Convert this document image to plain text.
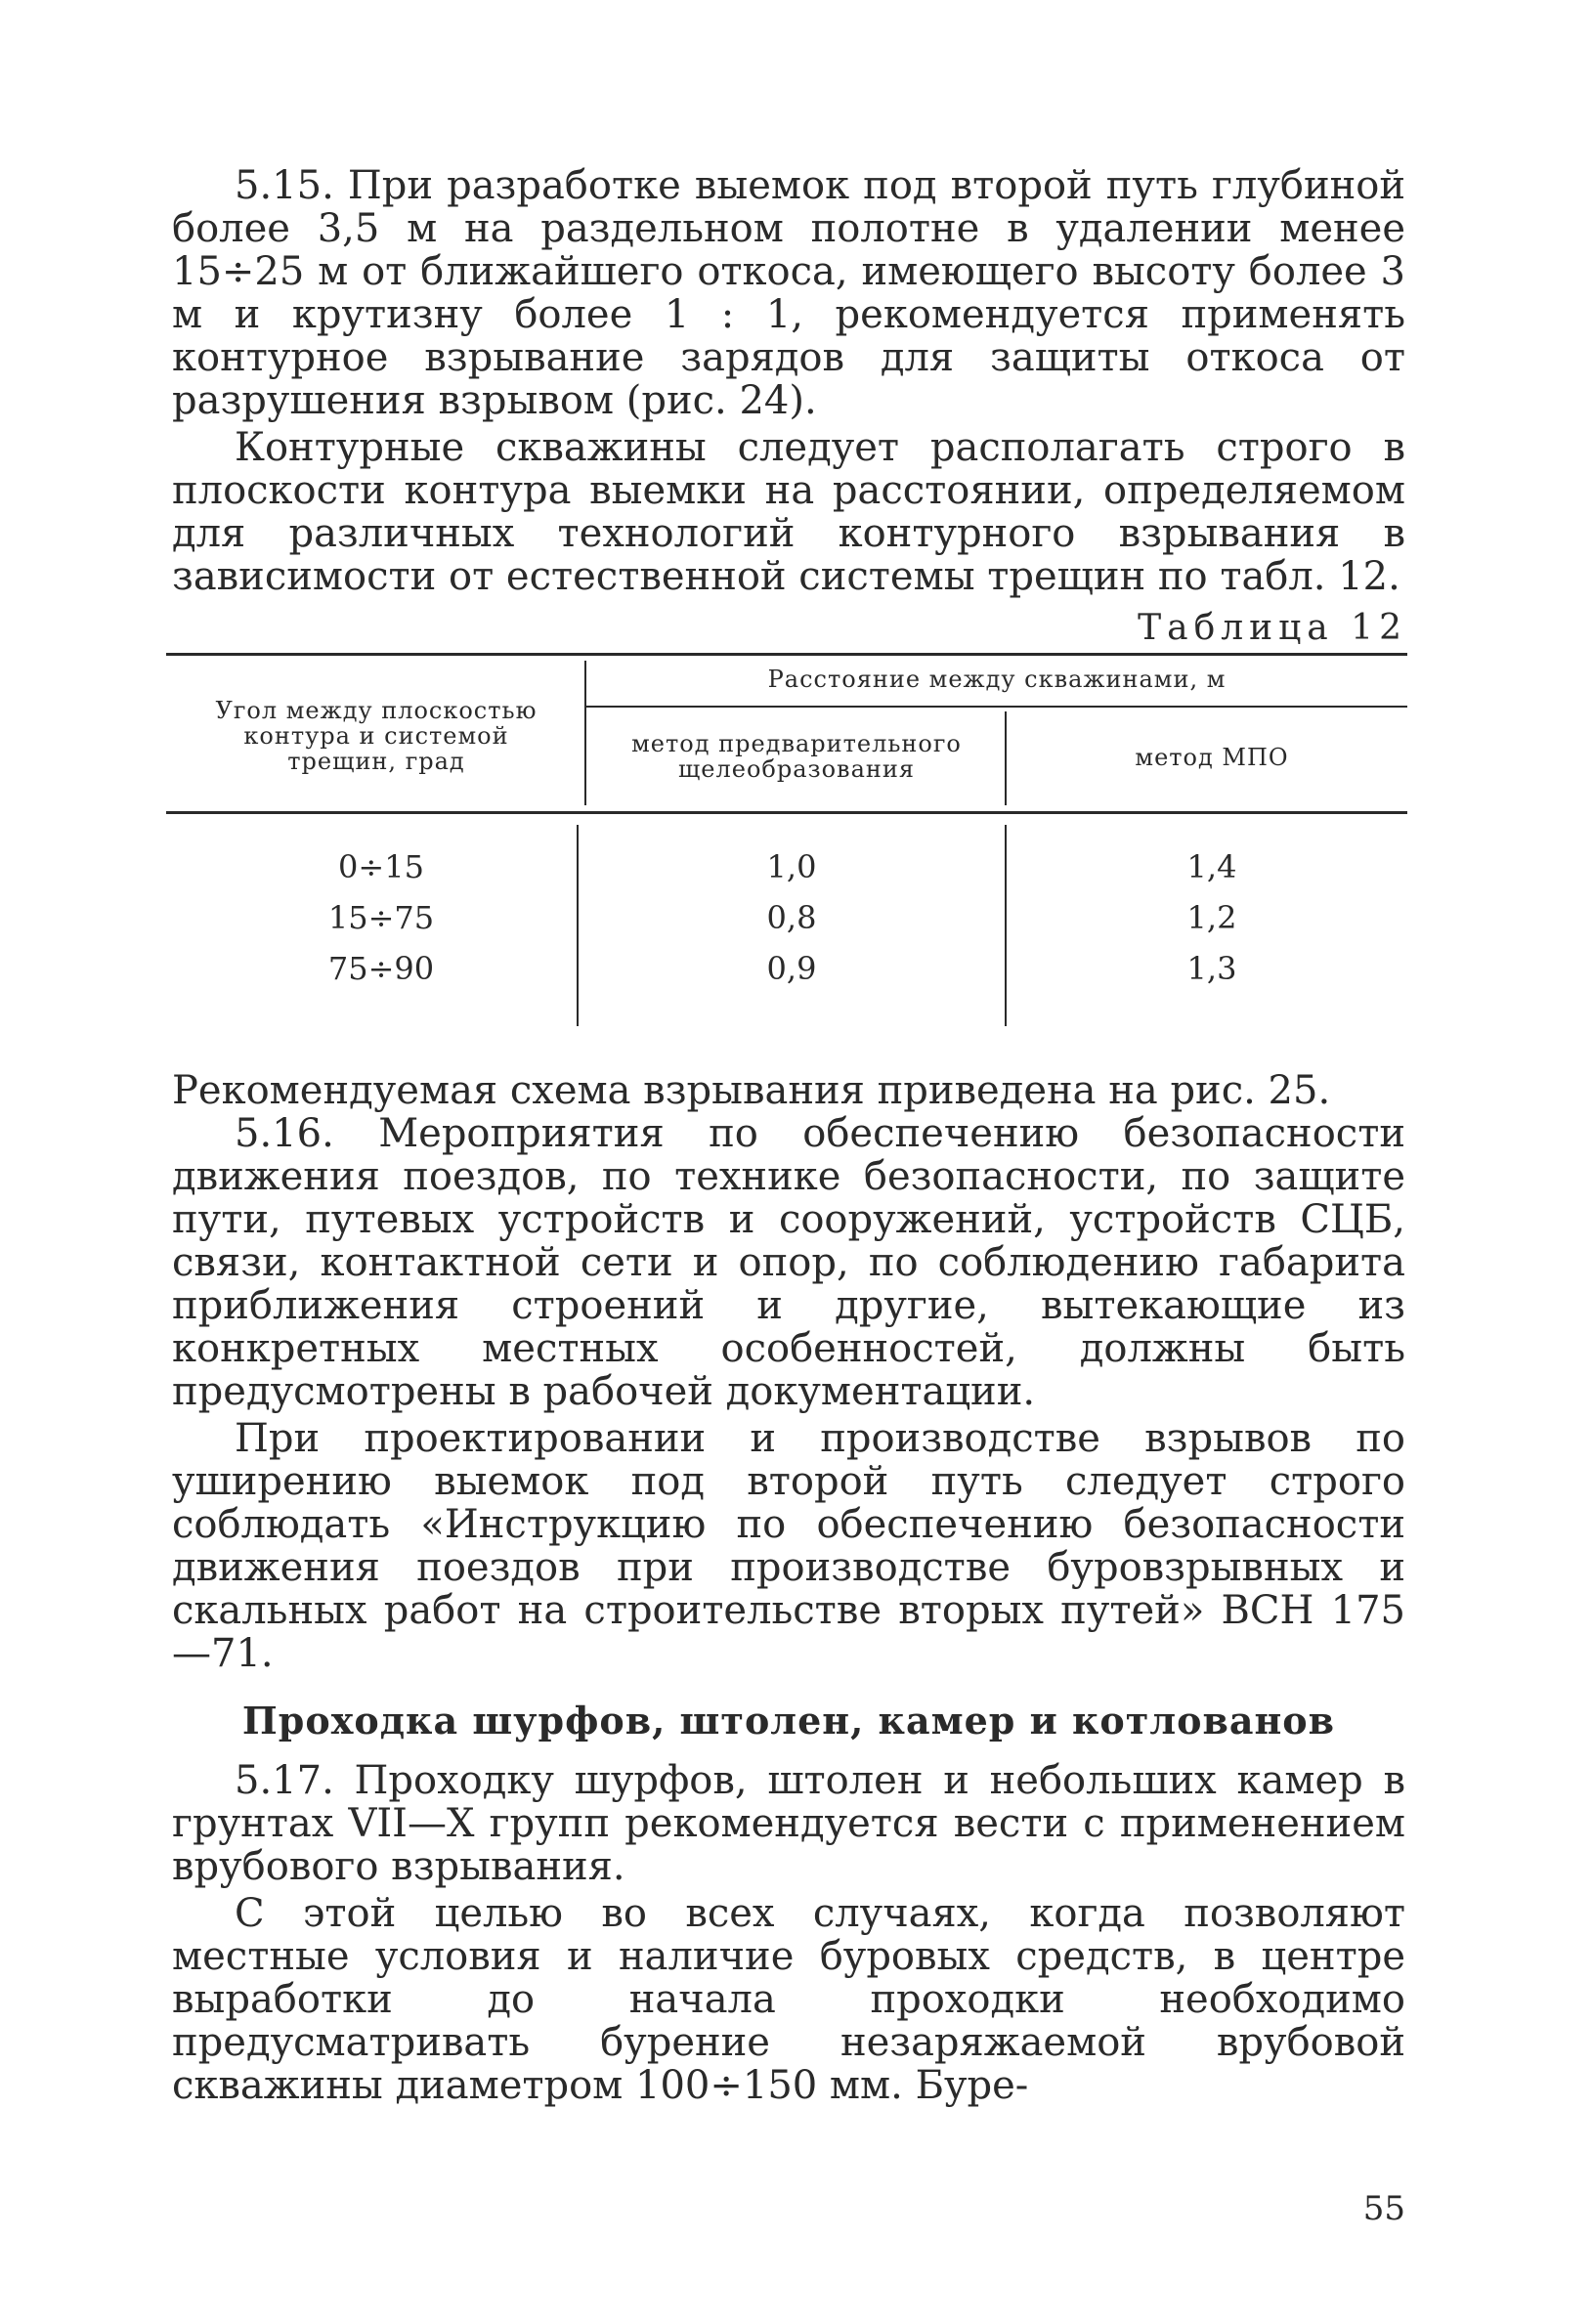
5.15. При разработке выемок под второй путь глубиной более 3,5 м на раздельном полотне в удалении менее 15÷25 м от ближайшего откоса, имеющего высоту более 3 м и крутизну более 1 : 1, рекомендуется применять контурное взрывание зарядов для защиты откоса от разрушения взрывом (рис. 24).

Контурные скважины следует располагать строго в плоскости контура выемки на расстоянии, определяемом для различных технологий контурного взрывания в зависимости от естественной системы трещин по табл. 12.

Таблица 12
Угол между плоскостью контура и системой трещин, град
Расстояние между скважинами, м
метод предварительного щелеобразования	метод МПО
0÷15	1,0	1,4
15÷75	0,8	1,2
75÷90	0,9	1,3

Рекомендуемая схема взрывания приведена на рис. 25.

5.16. Мероприятия по обеспечению безопасности движения поездов, по технике безопасности, по защите пути, путевых устройств и сооружений, устройств СЦБ, связи, контактной сети и опор, по соблюдению габарита приближения строений и другие, вытекающие из конкретных местных особенностей, должны быть предусмотрены в рабочей документации.

При проектировании и производстве взрывов по уширению выемок под второй путь следует строго соблюдать «Инструкцию по обеспечению безопасности движения поездов при производстве буровзрывных и скальных работ на строительстве вторых путей» ВСН 175—71.

Проходка шурфов, штолен, камер и котлованов

5.17. Проходку шурфов, штолен и небольших камер в грунтах VII—X групп рекомендуется вести с применением врубового взрывания.

С этой целью во всех случаях, когда позволяют местные условия и наличие буровых средств, в центре выработки до начала проходки необходимо предусматривать бурение незаряжаемой врубовой скважины диаметром 100÷150 мм. Буре-

55
